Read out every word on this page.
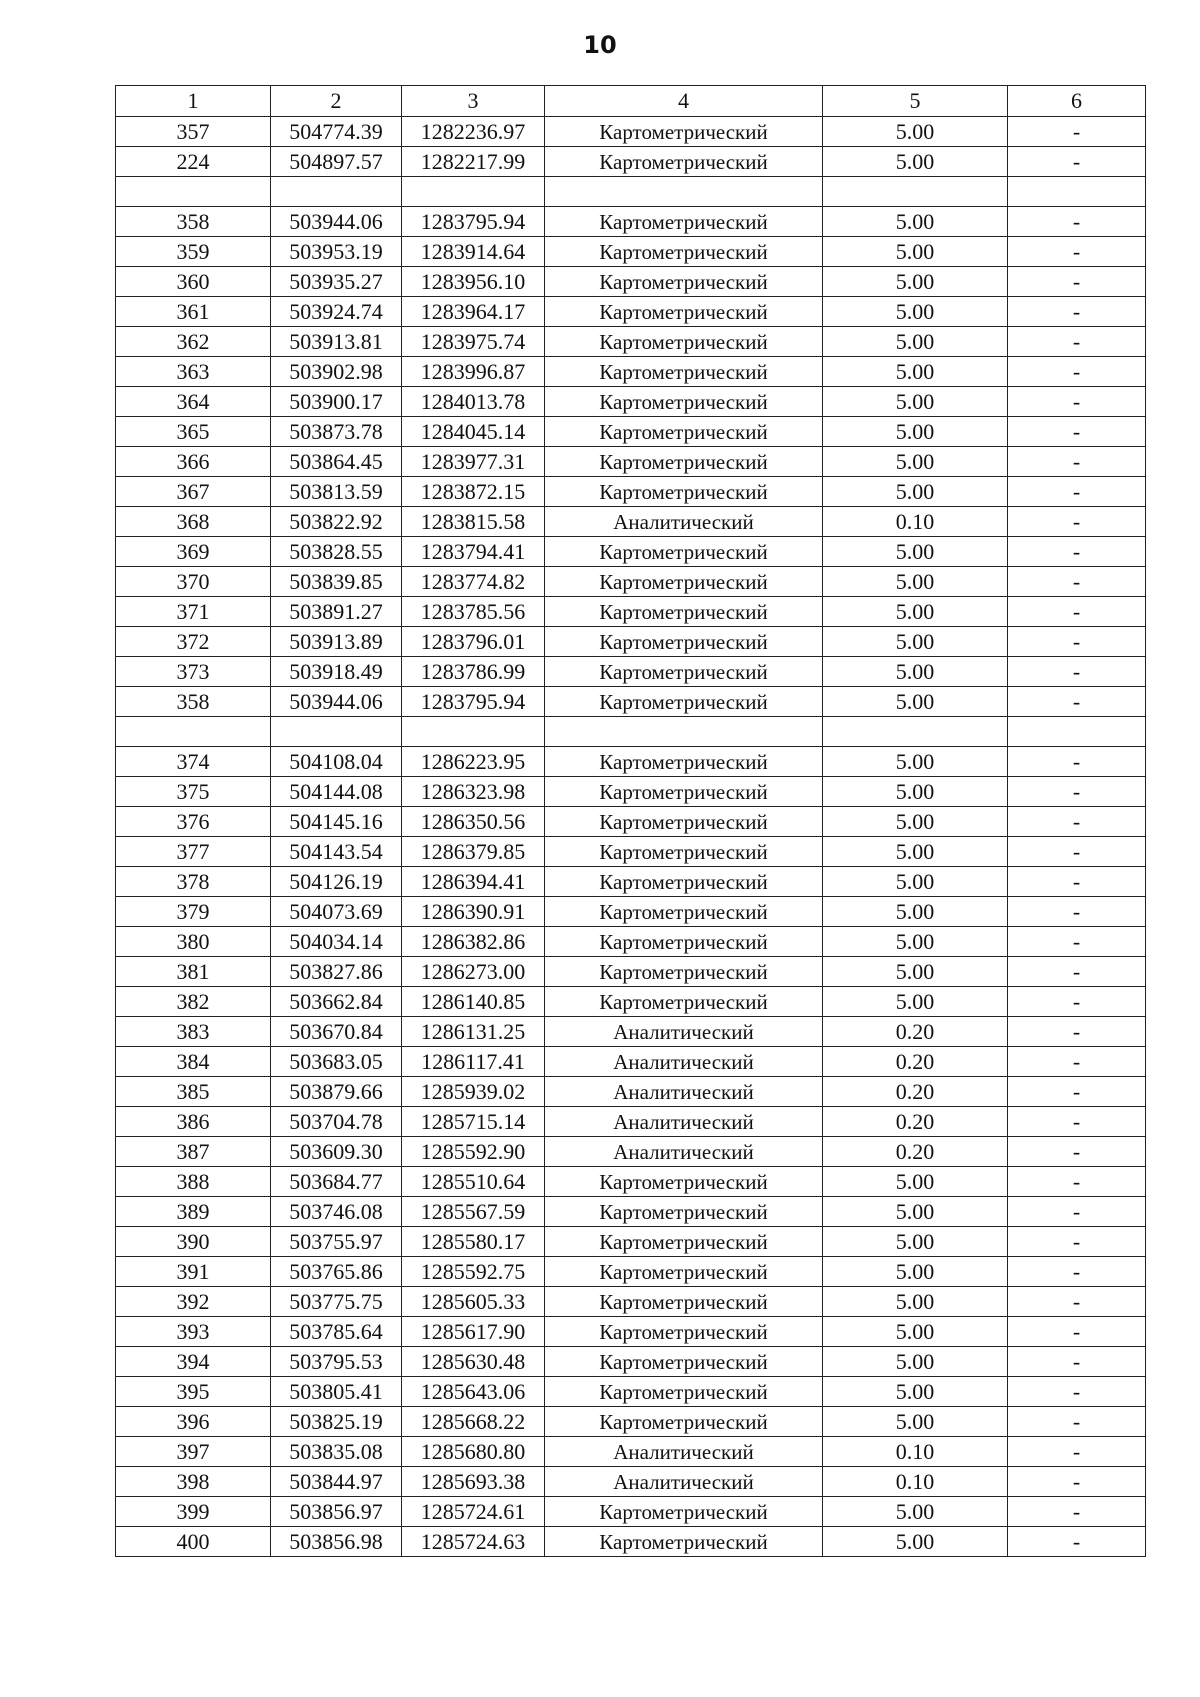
10
1	2	3	4	5	6
357	504774.39	1282236.97	Картометрический	5.00	-
224	504897.57	1282217.99	Картометрический	5.00	-

358	503944.06	1283795.94	Картометрический	5.00	-
359	503953.19	1283914.64	Картометрический	5.00	-
360	503935.27	1283956.10	Картометрический	5.00	-
361	503924.74	1283964.17	Картометрический	5.00	-
362	503913.81	1283975.74	Картометрический	5.00	-
363	503902.98	1283996.87	Картометрический	5.00	-
364	503900.17	1284013.78	Картометрический	5.00	-
365	503873.78	1284045.14	Картометрический	5.00	-
366	503864.45	1283977.31	Картометрический	5.00	-
367	503813.59	1283872.15	Картометрический	5.00	-
368	503822.92	1283815.58	Аналитический	0.10	-
369	503828.55	1283794.41	Картометрический	5.00	-
370	503839.85	1283774.82	Картометрический	5.00	-
371	503891.27	1283785.56	Картометрический	5.00	-
372	503913.89	1283796.01	Картометрический	5.00	-
373	503918.49	1283786.99	Картометрический	5.00	-
358	503944.06	1283795.94	Картометрический	5.00	-

374	504108.04	1286223.95	Картометрический	5.00	-
375	504144.08	1286323.98	Картометрический	5.00	-
376	504145.16	1286350.56	Картометрический	5.00	-
377	504143.54	1286379.85	Картометрический	5.00	-
378	504126.19	1286394.41	Картометрический	5.00	-
379	504073.69	1286390.91	Картометрический	5.00	-
380	504034.14	1286382.86	Картометрический	5.00	-
381	503827.86	1286273.00	Картометрический	5.00	-
382	503662.84	1286140.85	Картометрический	5.00	-
383	503670.84	1286131.25	Аналитический	0.20	-
384	503683.05	1286117.41	Аналитический	0.20	-
385	503879.66	1285939.02	Аналитический	0.20	-
386	503704.78	1285715.14	Аналитический	0.20	-
387	503609.30	1285592.90	Аналитический	0.20	-
388	503684.77	1285510.64	Картометрический	5.00	-
389	503746.08	1285567.59	Картометрический	5.00	-
390	503755.97	1285580.17	Картометрический	5.00	-
391	503765.86	1285592.75	Картометрический	5.00	-
392	503775.75	1285605.33	Картометрический	5.00	-
393	503785.64	1285617.90	Картометрический	5.00	-
394	503795.53	1285630.48	Картометрический	5.00	-
395	503805.41	1285643.06	Картометрический	5.00	-
396	503825.19	1285668.22	Картометрический	5.00	-
397	503835.08	1285680.80	Аналитический	0.10	-
398	503844.97	1285693.38	Аналитический	0.10	-
399	503856.97	1285724.61	Картометрический	5.00	-
400	503856.98	1285724.63	Картометрический	5.00	-
